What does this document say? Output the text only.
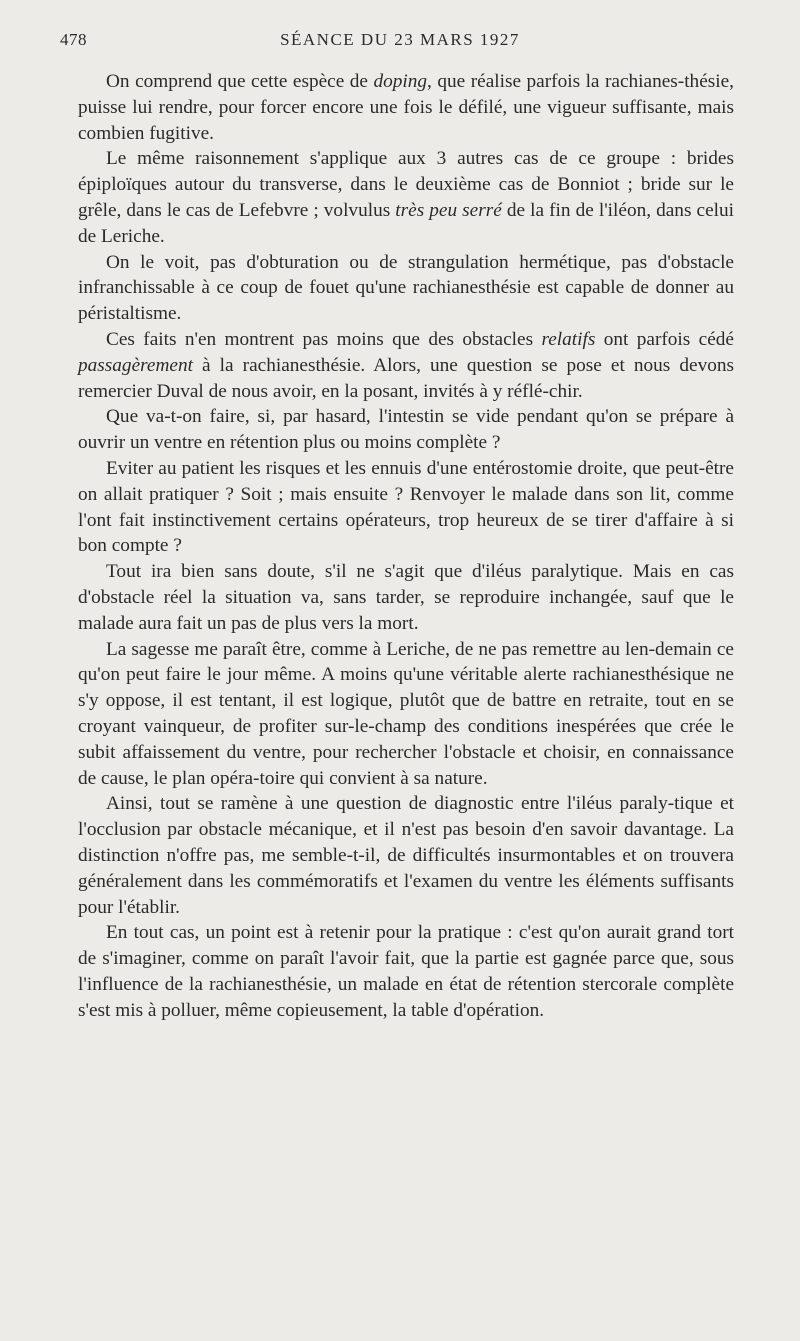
478	SÉANCE DU 23 MARS 1927

On comprend que cette espèce de doping, que réalise parfois la rachianes-thésie, puisse lui rendre, pour forcer encore une fois le défilé, une vigueur suffisante, mais combien fugitive.

Le même raisonnement s'applique aux 3 autres cas de ce groupe : brides épiploïques autour du transverse, dans le deuxième cas de Bonniot ; bride sur le grêle, dans le cas de Lefebvre ; volvulus très peu serré de la fin de l'iléon, dans celui de Leriche.

On le voit, pas d'obturation ou de strangulation hermétique, pas d'obstacle infranchissable à ce coup de fouet qu'une rachianesthésie est capable de donner au péristaltisme.

Ces faits n'en montrent pas moins que des obstacles relatifs ont parfois cédé passagèrement à la rachianesthésie. Alors, une question se pose et nous devons remercier Duval de nous avoir, en la posant, invités à y réflé-chir.

Que va-t-on faire, si, par hasard, l'intestin se vide pendant qu'on se prépare à ouvrir un ventre en rétention plus ou moins complète ?

Eviter au patient les risques et les ennuis d'une entérostomie droite, que peut-être on allait pratiquer ? Soit ; mais ensuite ? Renvoyer le malade dans son lit, comme l'ont fait instinctivement certains opérateurs, trop heureux de se tirer d'affaire à si bon compte ?

Tout ira bien sans doute, s'il ne s'agit que d'iléus paralytique. Mais en cas d'obstacle réel la situation va, sans tarder, se reproduire inchangée, sauf que le malade aura fait un pas de plus vers la mort.

La sagesse me paraît être, comme à Leriche, de ne pas remettre au len-demain ce qu'on peut faire le jour même. A moins qu'une véritable alerte rachianesthésique ne s'y oppose, il est tentant, il est logique, plutôt que de battre en retraite, tout en se croyant vainqueur, de profiter sur-le-champ des conditions inespérées que crée le subit affaissement du ventre, pour rechercher l'obstacle et choisir, en connaissance de cause, le plan opéra-toire qui convient à sa nature.

Ainsi, tout se ramène à une question de diagnostic entre l'iléus paraly-tique et l'occlusion par obstacle mécanique, et il n'est pas besoin d'en savoir davantage. La distinction n'offre pas, me semble-t-il, de difficultés insurmontables et on trouvera généralement dans les commémoratifs et l'examen du ventre les éléments suffisants pour l'établir.

En tout cas, un point est à retenir pour la pratique : c'est qu'on aurait grand tort de s'imaginer, comme on paraît l'avoir fait, que la partie est gagnée parce que, sous l'influence de la rachianesthésie, un malade en état de rétention stercorale complète s'est mis à polluer, même copieusement, la table d'opération.
